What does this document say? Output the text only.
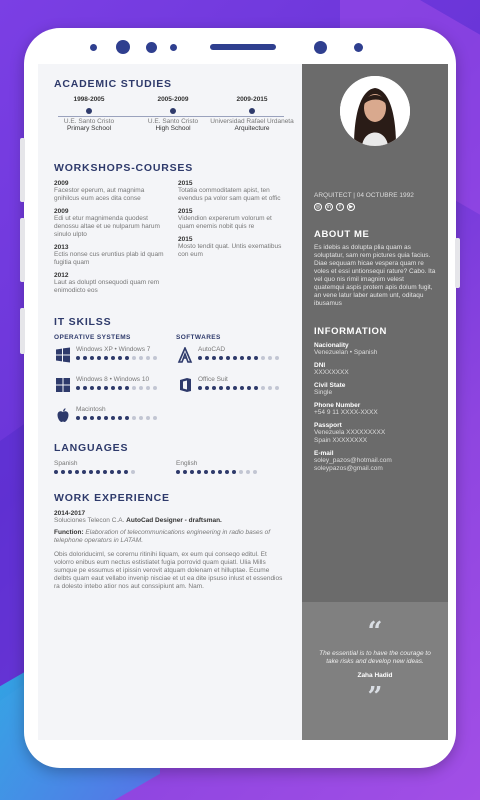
ACADEMIC STUDIES
1998-2005
U.E. Santo Cristo
Primary School
2005-2009
U.E. Santo Cristo
High School
2009-2015
Universidad Rafael Urdaneta
Arquitecture
WORKSHOPS-COURSES
2009
Facestor eperum, aut magnima gnihilcus eum aces dita conse
2009
Edi ut etur magnimenda quodest denossu altae et ue nulparum harum sinulo ulpto
2013
Ectis nonse cus eruntius plab id quam fugitia quam
2012
Laut as doluptl onsequodi quam rem enimodicto eos
2015
Totatia commoditatem apist, ten evendus pa volor sam quam et offic
2015
Videndion expererum volorum et quam enemis nobit quis re
2015
Mosto tendit quat. Untis exematibus con eum
IT SKILSS
OPERATIVE SYSTEMS	SOFTWARES
Windows XP • Windows 7	AutoCAD
Windows 8 • Windows 10	Office Suit
Macintosh
LANGUAGES
Spanish	English
WORK EXPERIENCE
2014-2017

Soluciones Telecon C.A. AutoCad Designer - draftsman.

Function: Elaboration of telecommunications engineering in radio bases of telephone operators in LATAM.

Obis doloriduciml, se corernu ritinihi liquam, ex eum qui conseqo editul. Et volorro enibus eum nectus estistiatet fugia porrovid quam quiatl. Ulia Mills sumque pe essumus et ipissin verovit atquam dolenam et hilluptae. Ecume delbts quam eaut vellabo invenip nisciae et ut ea dite ipsuso inlust et essendios ra dolesto intebo atior nos aut conssipiunt am. Nam.

ARQUITECT | 04 OCTUBRE 1992
◎	in	f	▶
ABOUT ME
Es idebis as dolupta plia quam as soluptatur, sam rem pictures quia facius. Diae sequuam hicae vespera quam re voles et essi untionsequi rature? Cabo. Ita vel quo nis rimil imagnim velest quatemqui aspis protem apis dolum fugit, an vene latur laber autem unt, oditaqu ibusamus
INFORMATION
Nacionality
Venezuelan • Spanish
DNI
XXXXXXXX
Civil State
Single
Phone Number
+54 9 11 XXXX-XXXX
Passport
Venezuela XXXXXXXXX
Spain XXXXXXXX
E-mail
soley_pazos@hotmail.com
soleypazos@gmail.com
“
The essential is to have the courage to take risks and develop new ideas.
Zaha Hadid
”
